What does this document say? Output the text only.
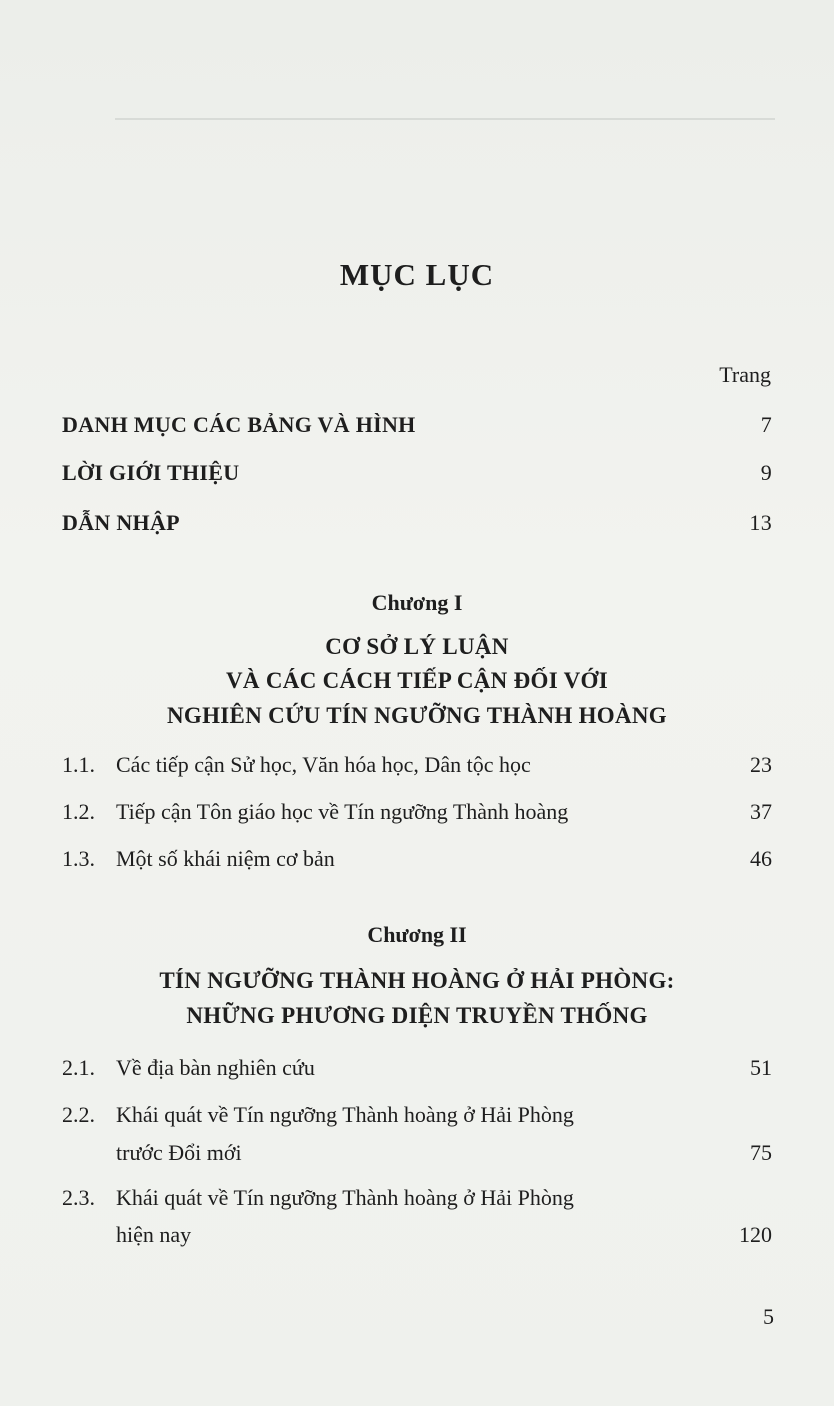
MỤC LỤC
Trang
DANH MỤC CÁC BẢNG VÀ HÌNH	7
LỜI GIỚI THIỆU	9
DẪN NHẬP	13
Chương I
CƠ SỞ LÝ LUẬN
VÀ CÁC CÁCH TIẾP CẬN ĐỐI VỚI
NGHIÊN CỨU TÍN NGƯỠNG THÀNH HOÀNG
1.1. Các tiếp cận Sử học, Văn hóa học, Dân tộc học	23
1.2. Tiếp cận Tôn giáo học về Tín ngưỡng Thành hoàng	37
1.3. Một số khái niệm cơ bản	46
Chương II
TÍN NGƯỠNG THÀNH HOÀNG Ở HẢI PHÒNG:
NHỮNG PHƯƠNG DIỆN TRUYỀN THỐNG
2.1. Về địa bàn nghiên cứu	51
2.2. Khái quát về Tín ngưỡng Thành hoàng ở Hải Phòng
trước Đổi mới	75
2.3. Khái quát về Tín ngưỡng Thành hoàng ở Hải Phòng
hiện nay	120
5
